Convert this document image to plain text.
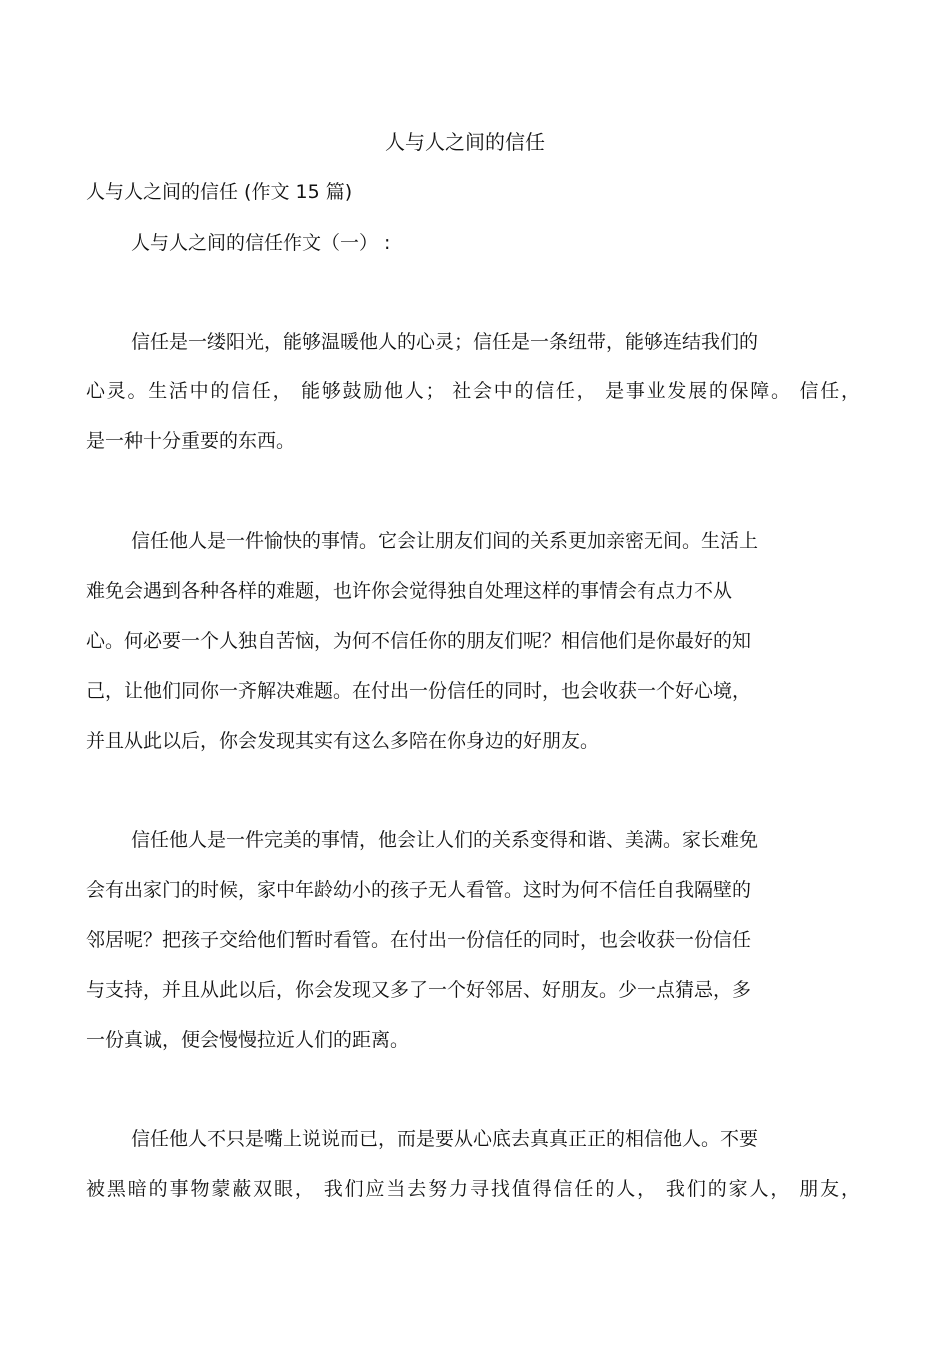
人与人之间的信任
人与人之间的信任 (作文 15 篇)
人与人之间的信任作文（一） :
信任是一缕阳光，能够温暖他人的心灵；信任是一条纽带，能够连结我们的
心灵。生活中的信任， 能够鼓励他人； 社会中的信任， 是事业发展的保障。 信任，
是一种十分重要的东西。
信任他人是一件愉快的事情。它会让朋友们间的关系更加亲密无间。生活上
难免会遇到各种各样的难题，也许你会觉得独自处理这样的事情会有点力不从
心。何必要一个人独自苦恼，为何不信任你的朋友们呢？相信他们是你最好的知
己，让他们同你一齐解决难题。在付出一份信任的同时，也会收获一个好心境，
并且从此以后，你会发现其实有这么多陪在你身边的好朋友。
信任他人是一件完美的事情，他会让人们的关系变得和谐、美满。家长难免
会有出家门的时候，家中年龄幼小的孩子无人看管。这时为何不信任自我隔壁的
邻居呢？把孩子交给他们暂时看管。在付出一份信任的同时，也会收获一份信任
与支持，并且从此以后，你会发现又多了一个好邻居、好朋友。少一点猜忌，多
一份真诚，便会慢慢拉近人们的距离。
信任他人不只是嘴上说说而已，而是要从心底去真真正正的相信他人。不要
被黑暗的事物蒙蔽双眼， 我们应当去努力寻找值得信任的人， 我们的家人， 朋友，
